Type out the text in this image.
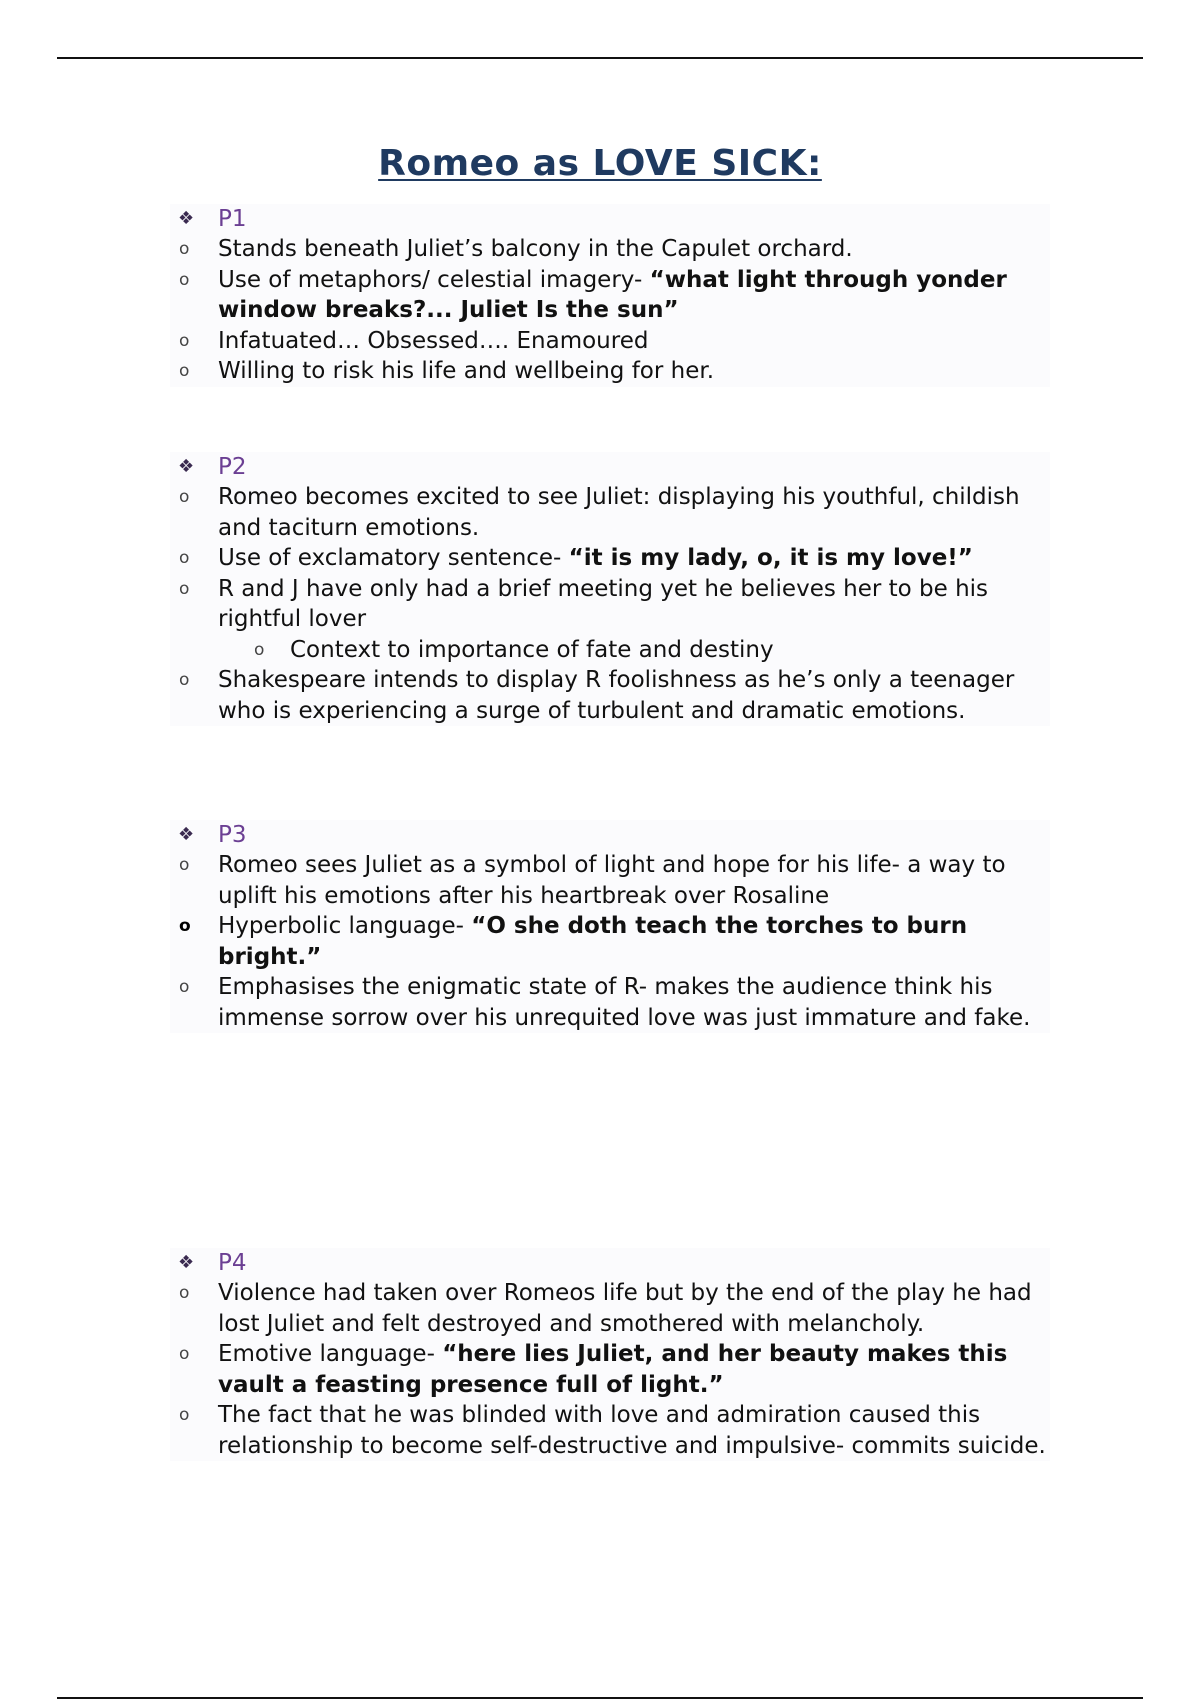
Romeo as LOVE SICK:
❖	P1
o Stands beneath Juliet’s balcony in the Capulet orchard.
o Use of metaphors/ celestial imagery- “what light through yonder window breaks?... Juliet Is the sun”
o Infatuated… Obsessed…. Enamoured
o Willing to risk his life and wellbeing for her.
❖	P2
o Romeo becomes excited to see Juliet: displaying his youthful, childish and taciturn emotions.
o Use of exclamatory sentence- “it is my lady, o, it is my love!”
o R and J have only had a brief meeting yet he believes her to be his rightful lover
o Context to importance of fate and destiny
o Shakespeare intends to display R foolishness as he’s only a teenager who is experiencing a surge of turbulent and dramatic emotions.
❖	P3
o Romeo sees Juliet as a symbol of light and hope for his life- a way to uplift his emotions after his heartbreak over Rosaline
o Hyperbolic language- “O she doth teach the torches to burn bright.”
o Emphasises the enigmatic state of R- makes the audience think his immense sorrow over his unrequited love was just immature and fake.
❖	P4
o Violence had taken over Romeos life but by the end of the play he had lost Juliet and felt destroyed and smothered with melancholy.
o Emotive language- “here lies Juliet, and her beauty makes this vault a feasting presence full of light.”
o The fact that he was blinded with love and admiration caused this relationship to become self-destructive and impulsive- commits suicide.
